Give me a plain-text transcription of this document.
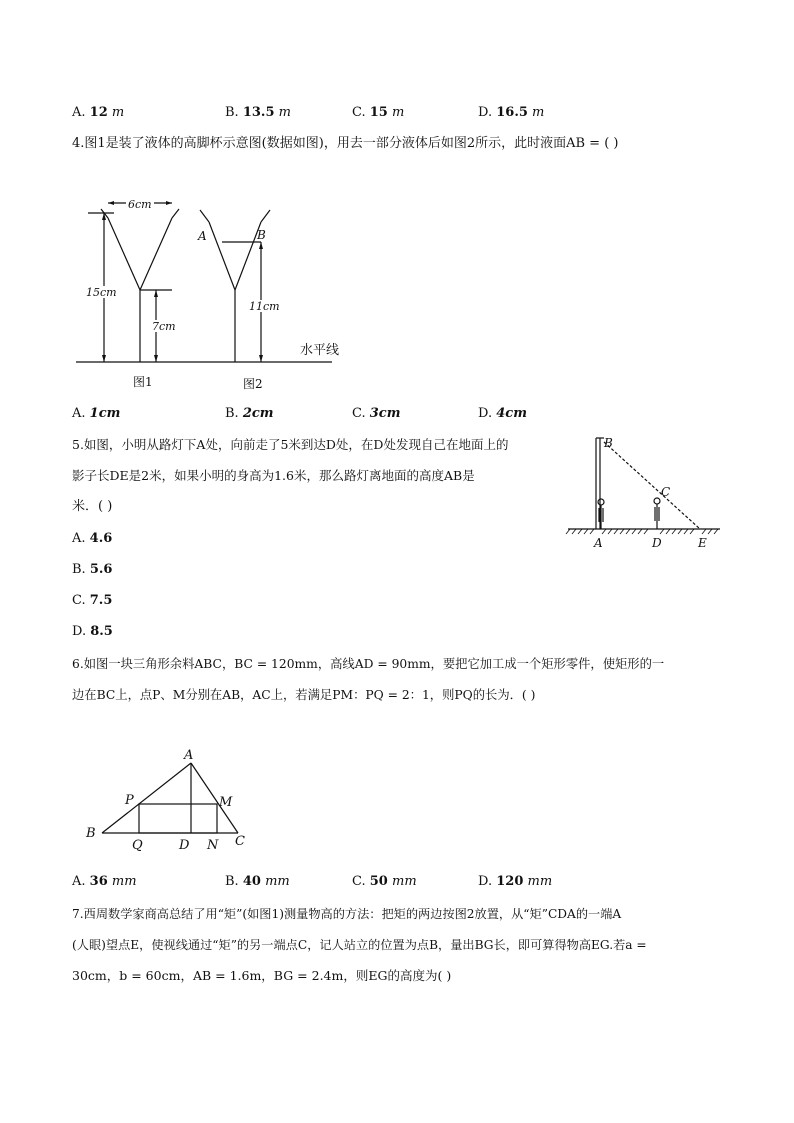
A. 12 m	B. 13.5 m	C. 15 m	D. 16.5 m
4.图1是装了液体的高脚杯示意图(数据如图)，用去一部分液体后如图2所示，此时液面AB = ( )
6cm
15cm
7cm
11cm
A	B
水平线
图1	图2
A. 1cm	B. 2cm	C. 3cm	D. 4cm
5.如图，小明从路灯下A处，向前走了5米到达D处，在D处发现自己在地面上的
影子长DE是2米，如果小明的身高为1.6米，那么路灯离地面的高度AB是
米．( )
B
C
A	D	E
A. 4.6
B. 5.6
C. 7.5
D. 8.5
6.如图一块三角形余料ABC，BC = 120mm，高线AD = 90mm，要把它加工成一个矩形零件，使矩形的一
边在BC上，点P、M分别在AB，AC上，若满足PM：PQ = 2：1，则PQ的长为．( )
A
B
C
P	M
Q	D N
A. 36 mm	B. 40 mm	C. 50 mm	D. 120 mm
7.西周数学家商高总结了用“矩”(如图1)测量物高的方法：把矩的两边按图2放置，从“矩”CDA的一端A
(人眼)望点E，使视线通过“矩”的另一端点C，记人站立的位置为点B，量出BG长，即可算得物高EG.若a =
30cm，b = 60cm，AB = 1.6m，BG = 2.4m，则EG的高度为( )
